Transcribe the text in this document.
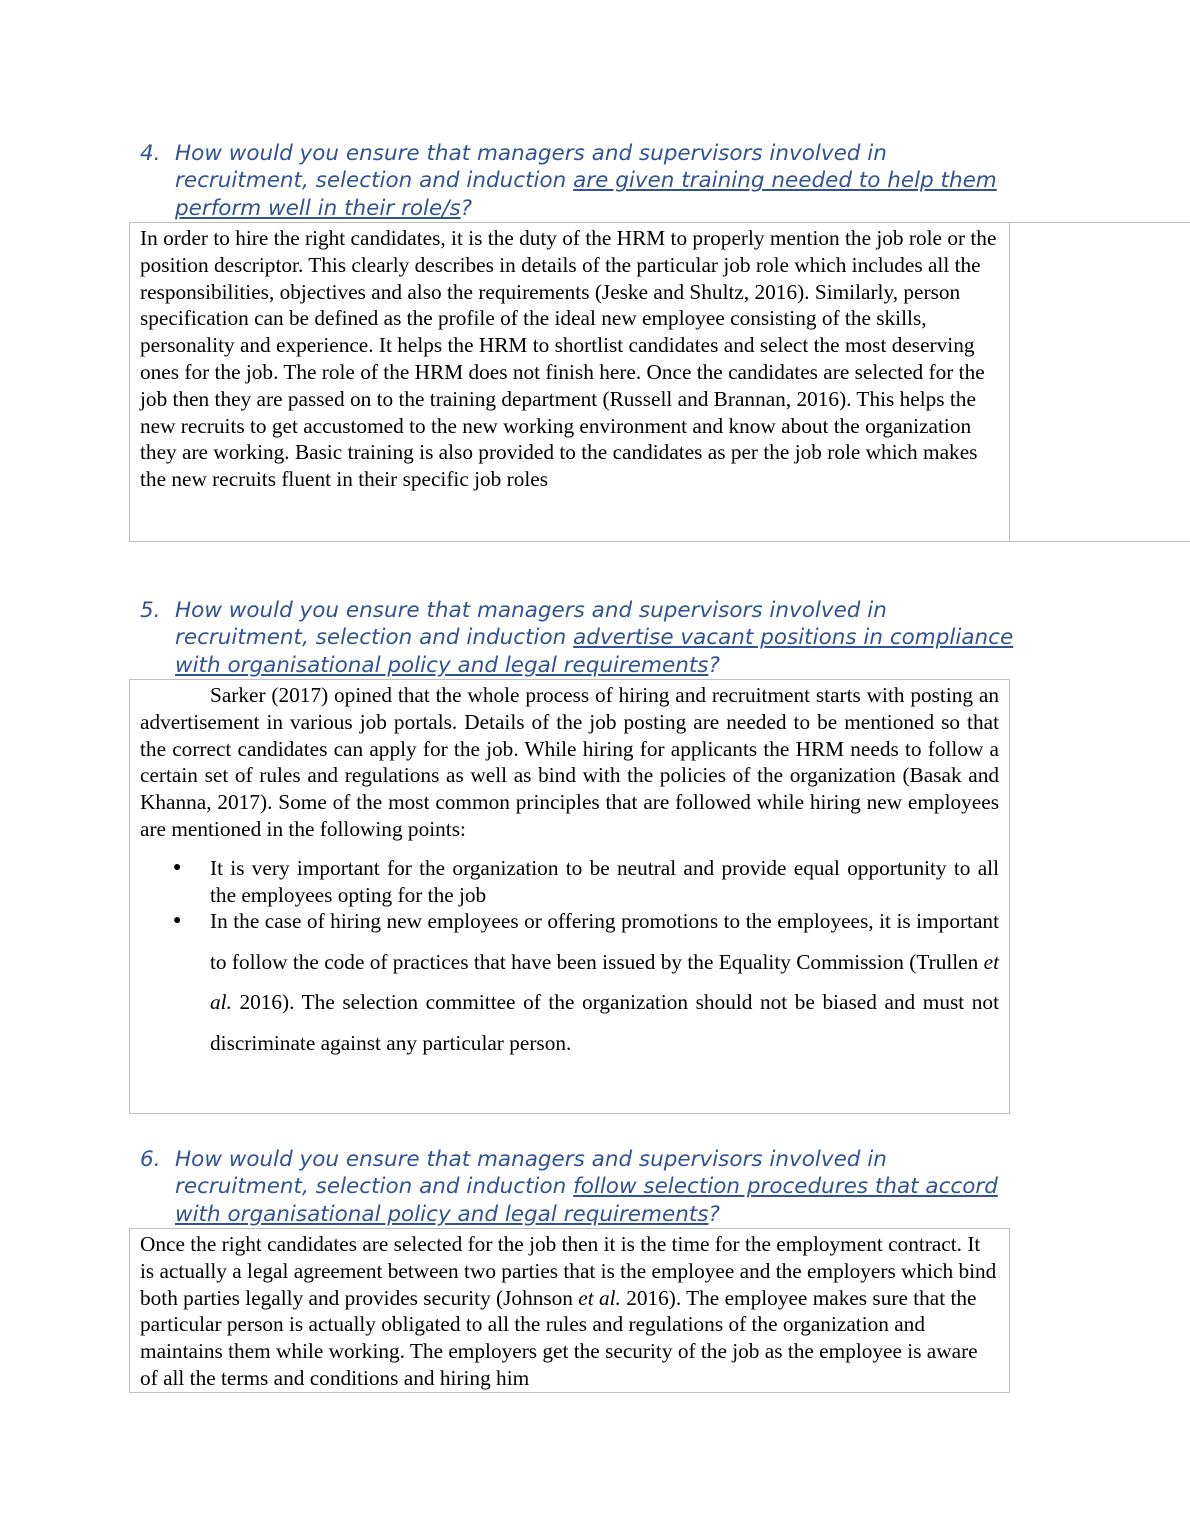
4. How would you ensure that managers and supervisors involved in recruitment, selection and induction are given training needed to help them perform well in their role/s?

In order to hire the right candidates, it is the duty of the HRM to properly mention the job role or the position descriptor. This clearly describes in details of the particular job role which includes all the responsibilities, objectives and also the requirements (Jeske and Shultz, 2016). Similarly, person specification can be defined as the profile of the ideal new employee consisting of the skills, personality and experience. It helps the HRM to shortlist candidates and select the most deserving ones for the job. The role of the HRM does not finish here. Once the candidates are selected for the job then they are passed on to the training department (Russell and Brannan, 2016). This helps the new recruits to get accustomed to the new working environment and know about the organization they are working. Basic training is also provided to the candidates as per the job role which makes the new recruits fluent in their specific job roles

5. How would you ensure that managers and supervisors involved in recruitment, selection and induction advertise vacant positions in compliance with organisational policy and legal requirements?

Sarker (2017) opined that the whole process of hiring and recruitment starts with posting an advertisement in various job portals. Details of the job posting are needed to be mentioned so that the correct candidates can apply for the job. While hiring for applicants the HRM needs to follow a certain set of rules and regulations as well as bind with the policies of the organization (Basak and Khanna, 2017). Some of the most common principles that are followed while hiring new employees are mentioned in the following points:

● It is very important for the organization to be neutral and provide equal opportunity to all the employees opting for the job
● In the case of hiring new employees or offering promotions to the employees, it is important to follow the code of practices that have been issued by the Equality Commission (Trullen et al. 2016). The selection committee of the organization should not be biased and must not discriminate against any particular person.
6. How would you ensure that managers and supervisors involved in recruitment, selection and induction follow selection procedures that accord with organisational policy and legal requirements?

Once the right candidates are selected for the job then it is the time for the employment contract. It is actually a legal agreement between two parties that is the employee and the employers which bind both parties legally and provides security (Johnson et al. 2016). The employee makes sure that the particular person is actually obligated to all the rules and regulations of the organization and maintains them while working. The employers get the security of the job as the employee is aware of all the terms and conditions and hiring him
